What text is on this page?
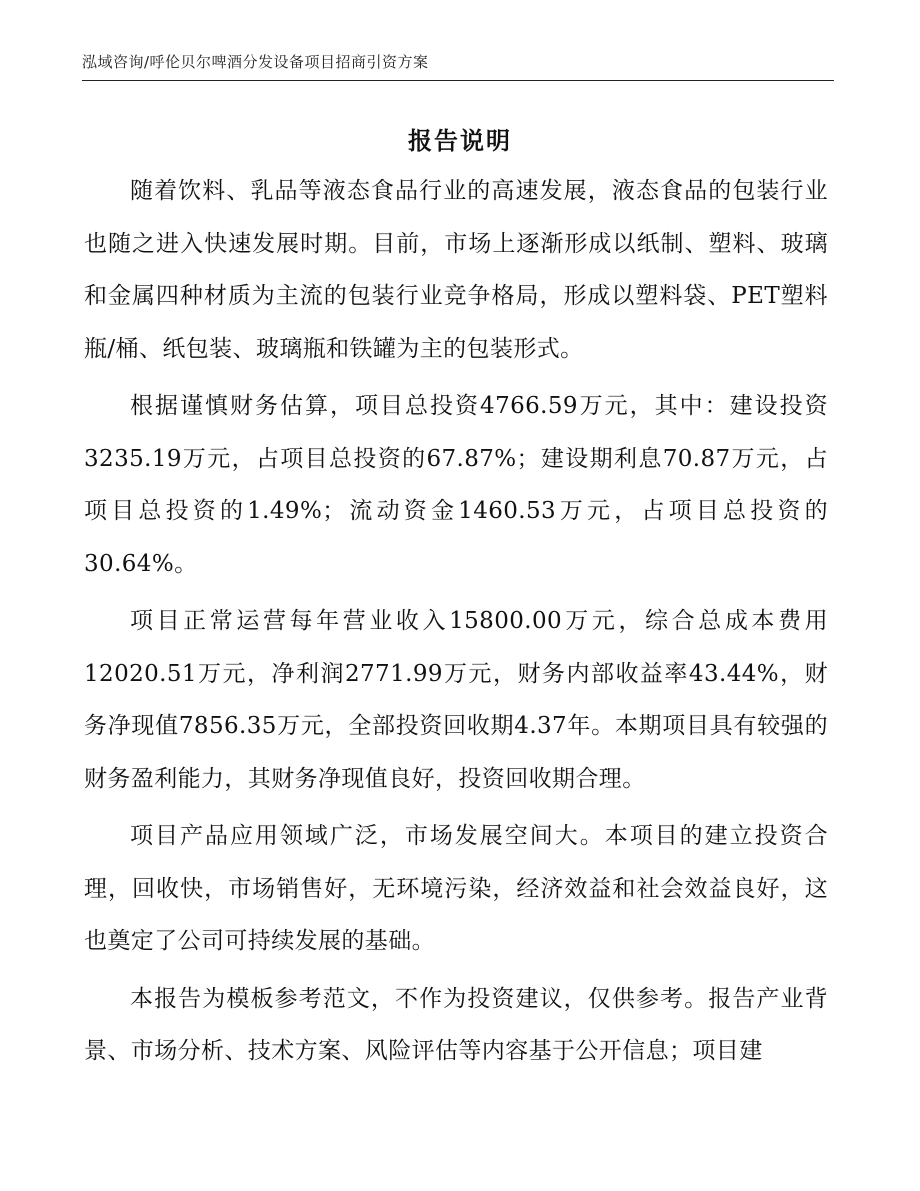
泓域咨询/呼伦贝尔啤酒分发设备项目招商引资方案
报告说明

随着饮料、乳品等液态食品行业的高速发展，液态食品的包装行业也随之进入快速发展时期。目前，市场上逐渐形成以纸制、塑料、玻璃和金属四种材质为主流的包装行业竞争格局，形成以塑料袋、PET塑料瓶/桶、纸包装、玻璃瓶和铁罐为主的包装形式。

根据谨慎财务估算，项目总投资4766.59万元，其中：建设投资3235.19万元，占项目总投资的67.87%；建设期利息70.87万元，占项目总投资的1.49%；流动资金1460.53万元，占项目总投资的30.64%。

项目正常运营每年营业收入15800.00万元，综合总成本费用12020.51万元，净利润2771.99万元，财务内部收益率43.44%，财务净现值7856.35万元，全部投资回收期4.37年。本期项目具有较强的财务盈利能力，其财务净现值良好，投资回收期合理。

项目产品应用领域广泛，市场发展空间大。本项目的建立投资合理，回收快，市场销售好，无环境污染，经济效益和社会效益良好，这也奠定了公司可持续发展的基础。

本报告为模板参考范文，不作为投资建议，仅供参考。报告产业背景、市场分析、技术方案、风险评估等内容基于公开信息；项目建
